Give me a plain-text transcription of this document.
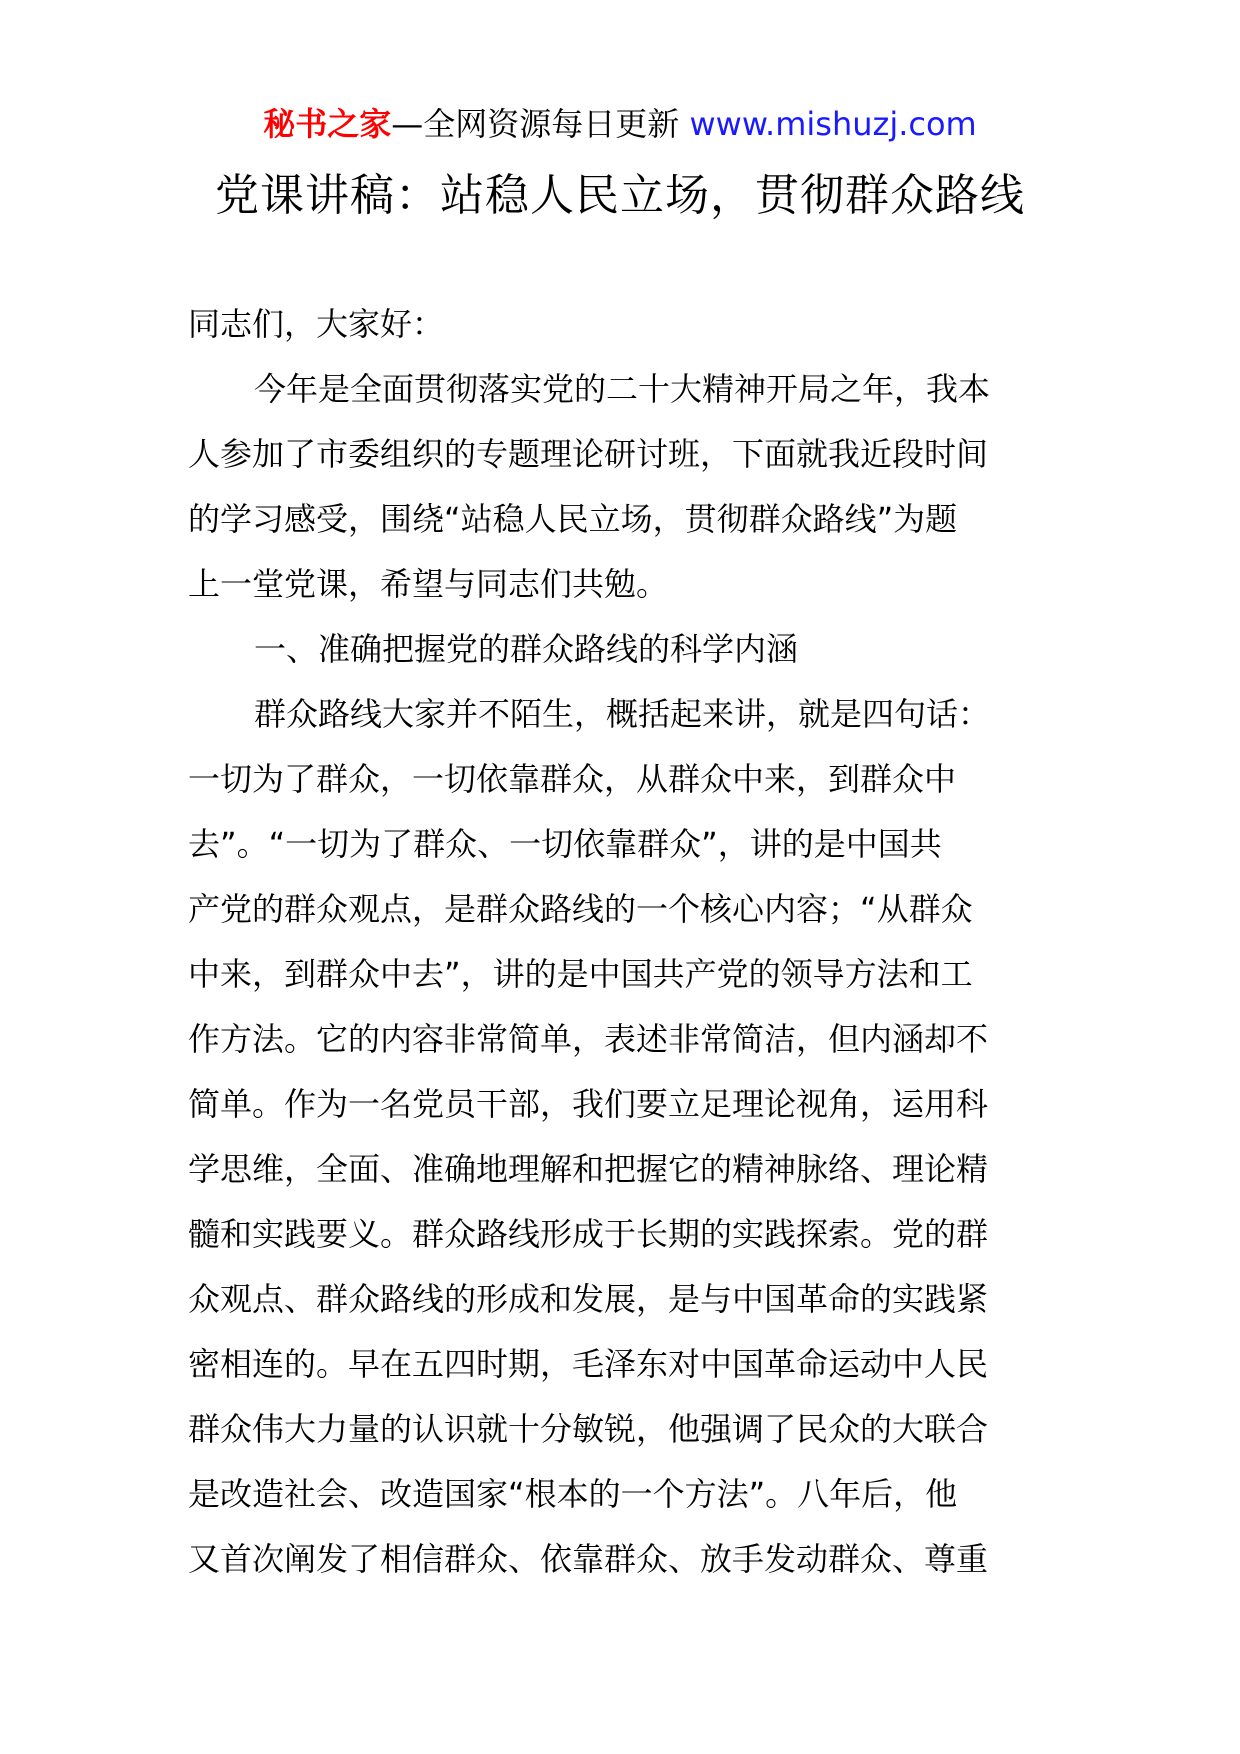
秘书之家—全网资源每日更新 www.mishuzj.com
党课讲稿：站稳人民立场，贯彻群众路线
同志们，大家好：
今年是全面贯彻落实党的二十大精神开局之年，我本
人参加了市委组织的专题理论研讨班，下面就我近段时间
的学习感受，围绕“站稳人民立场，贯彻群众路线”为题
上一堂党课，希望与同志们共勉。
一、准确把握党的群众路线的科学内涵
群众路线大家并不陌生，概括起来讲，就是四句话：
一切为了群众，一切依靠群众，从群众中来，到群众中
去”。“一切为了群众、一切依靠群众”，讲的是中国共
产党的群众观点，是群众路线的一个核心内容；“从群众
中来，到群众中去”，讲的是中国共产党的领导方法和工
作方法。它的内容非常简单，表述非常简洁，但内涵却不
简单。作为一名党员干部，我们要立足理论视角，运用科
学思维，全面、准确地理解和把握它的精神脉络、理论精
髓和实践要义。群众路线形成于长期的实践探索。党的群
众观点、群众路线的形成和发展，是与中国革命的实践紧
密相连的。早在五四时期，毛泽东对中国革命运动中人民
群众伟大力量的认识就十分敏锐，他强调了民众的大联合
是改造社会、改造国家“根本的一个方法”。八年后，他
又首次阐发了相信群众、依靠群众、放手发动群众、尊重
